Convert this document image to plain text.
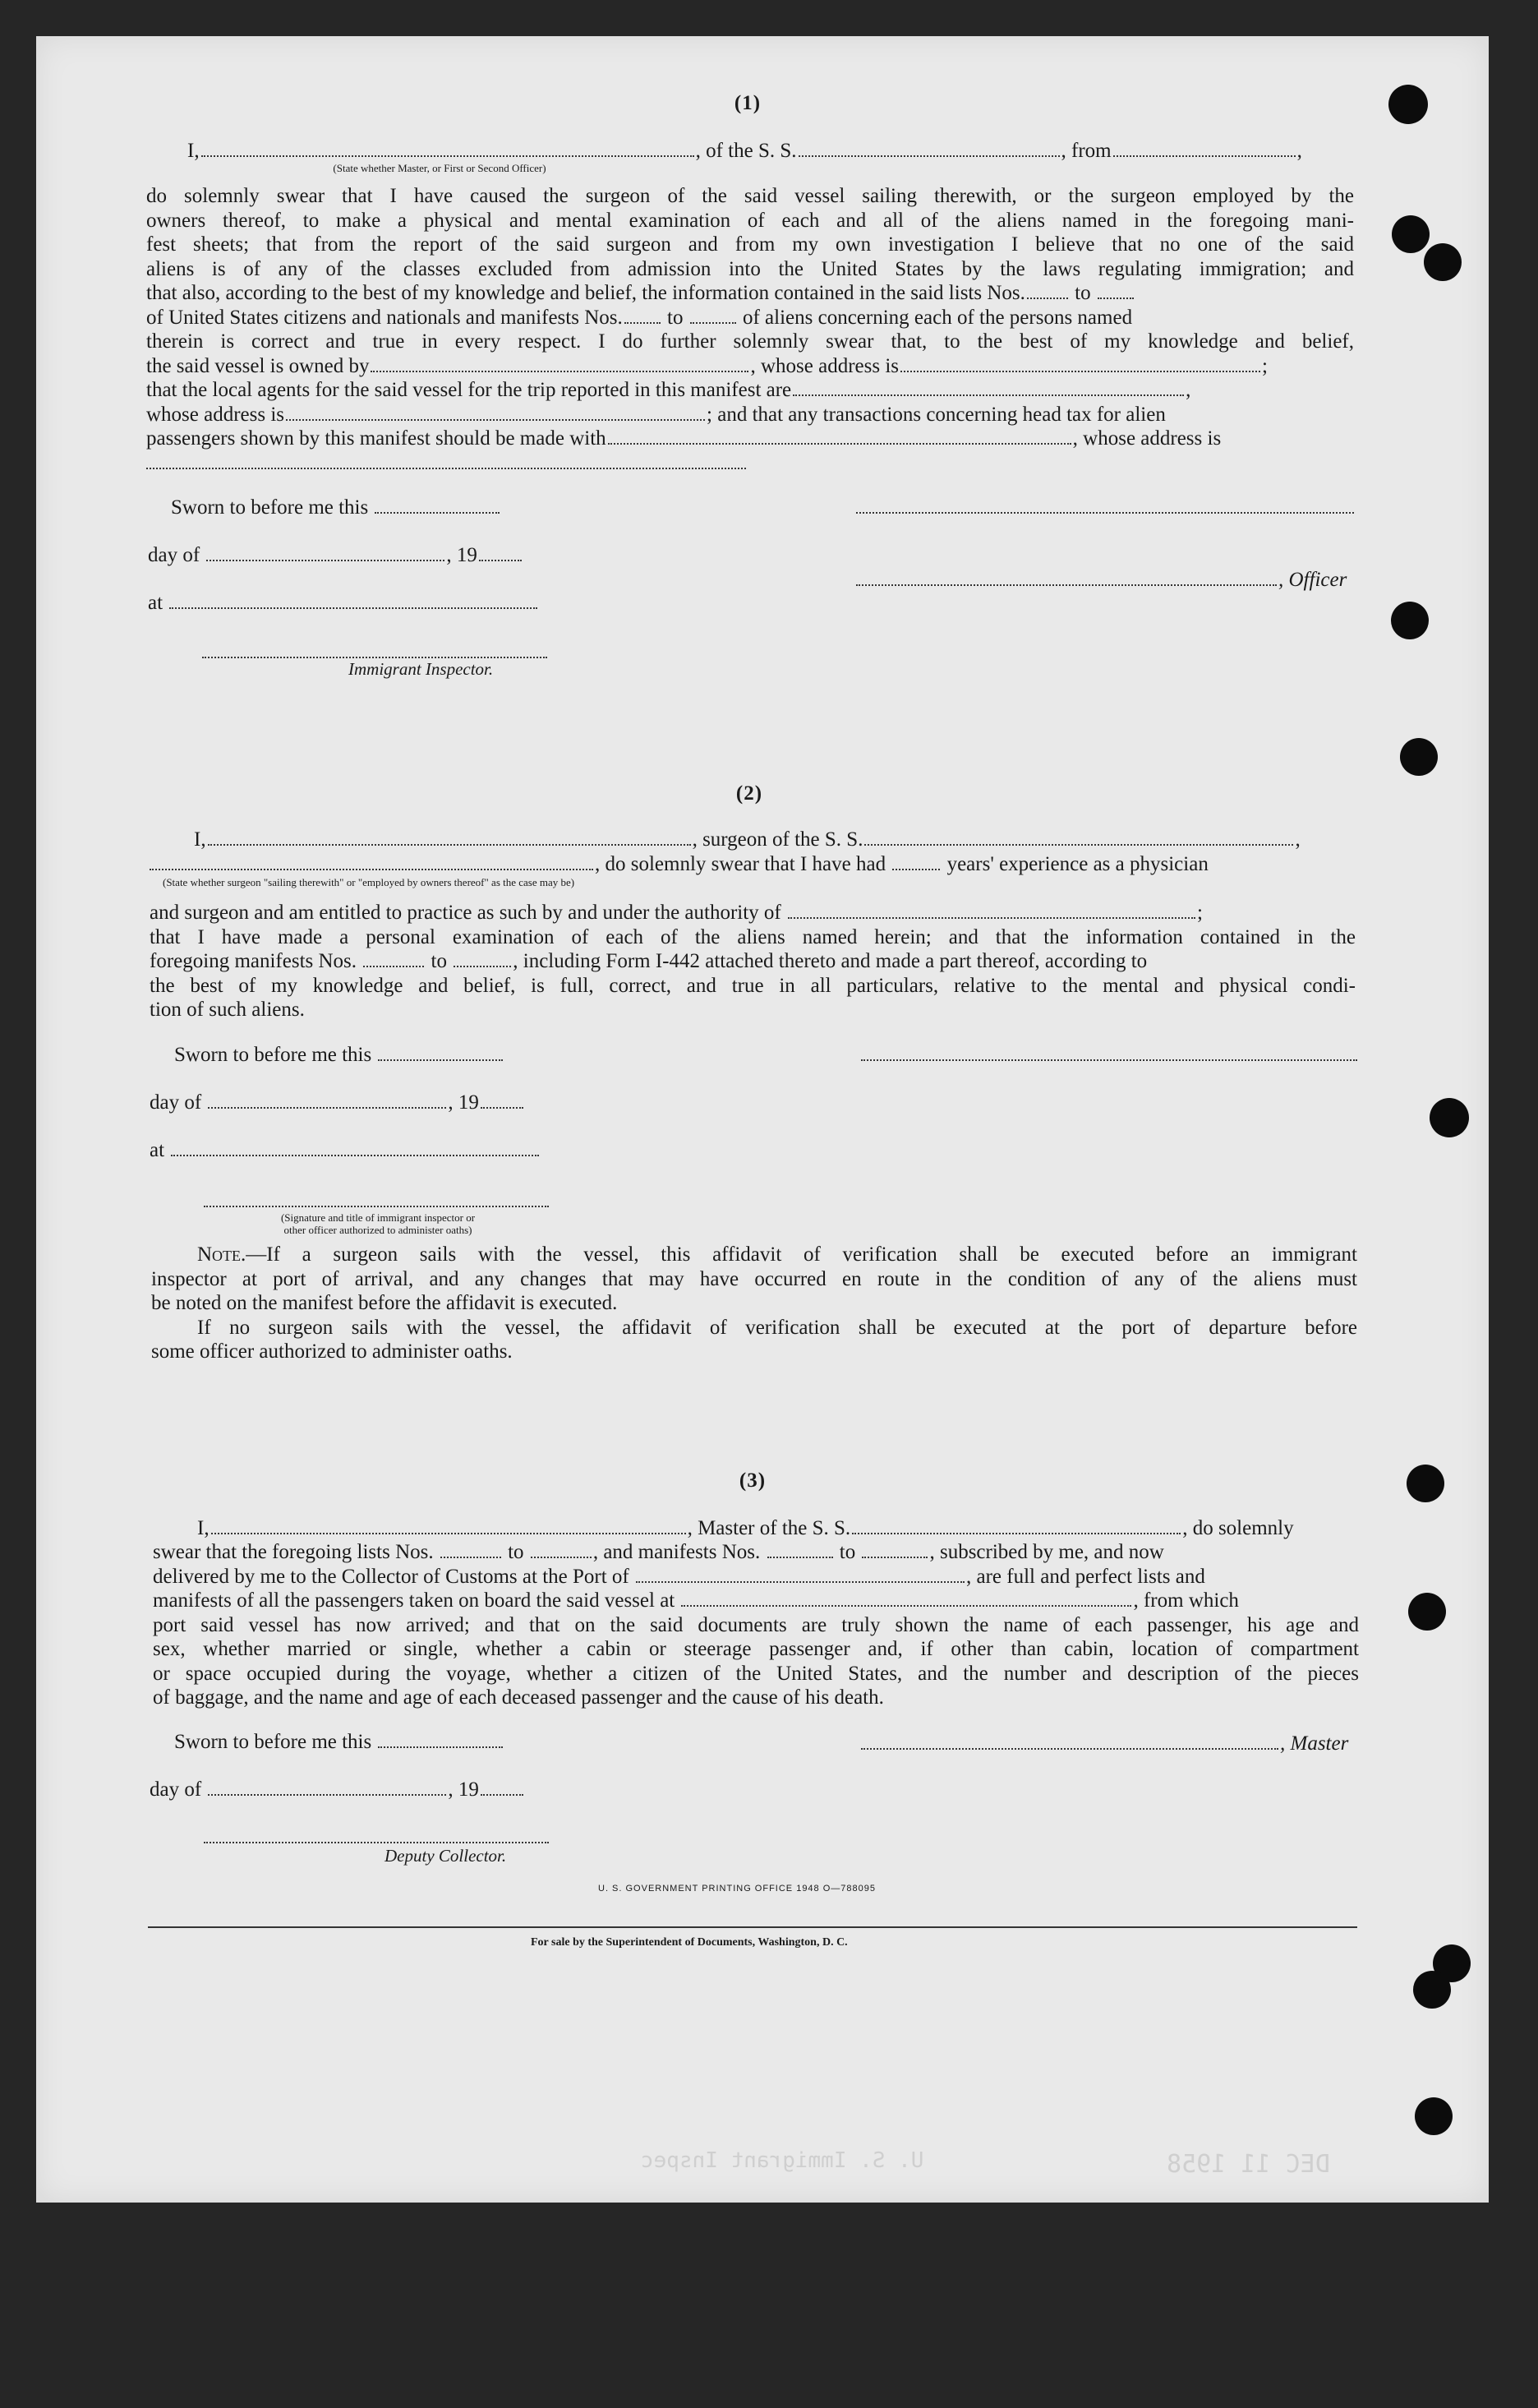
(1)
I,	, of the S. S.	, from	,
(State whether Master, or First or Second Officer)
do solemnly swear that I have caused the surgeon of the said vessel sailing therewith, or the surgeon employed by the
owners thereof, to make a physical and mental examination of each and all of the aliens named in the foregoing mani-
fest sheets; that from the report of the said surgeon and from my own investigation I believe that no one of the said
aliens is of any of the classes excluded from admission into the United States by the laws regulating immigration; and
that also, according to the best of my knowledge and belief, the information contained in the said lists Nos. to
of United States citizens and nationals and manifests Nos. to	of aliens concerning each of the persons named
therein is correct and true in every respect. I do further solemnly swear that, to the best of my knowledge and belief,
the said vessel is owned by	, whose address is	;
that the local agents for the said vessel for the trip reported in this manifest are	,
whose address is	; and that any transactions concerning head tax for alien
passengers shown by this manifest should be made with	, whose address is
Sworn to before me this
day of	, 19
at
, Officer
Immigrant Inspector.
(2)
I,	, surgeon of the S. S.	,
, do solemnly swear that I have had	years' experience as a physician
(State whether surgeon "sailing therewith" or "employed by owners thereof" as the case may be)
and surgeon and am entitled to practice as such by and under the authority of	;
that I have made a personal examination of each of the aliens named herein; and that the information contained in the
foregoing manifests Nos.	to	, including Form I-442 attached thereto and made a part thereof, according to
the best of my knowledge and belief, is full, correct, and true in all particulars, relative to the mental and physical condi-
tion of such aliens.
Sworn to before me this
day of	, 19
at
(Signature and title of immigrant inspector or
other officer authorized to administer oaths)
Note.—If a surgeon sails with the vessel, this affidavit of verification shall be executed before an immigrant
inspector at port of arrival, and any changes that may have occurred en route in the condition of any of the aliens must
be noted on the manifest before the affidavit is executed.
If no surgeon sails with the vessel, the affidavit of verification shall be executed at the port of departure before
some officer authorized to administer oaths.
(3)
I,	, Master of the S. S.	, do solemnly
swear that the foregoing lists Nos.	to	, and manifests Nos.	to	, subscribed by me, and now
delivered by me to the Collector of Customs at the Port of	, are full and perfect lists and
manifests of all the passengers taken on board the said vessel at	, from which
port said vessel has now arrived; and that on the said documents are truly shown the name of each passenger, his age and
sex, whether married or single, whether a cabin or steerage passenger and, if other than cabin, location of compartment
or space occupied during the voyage, whether a citizen of the United States, and the number and description of the pieces
of baggage, and the name and age of each deceased passenger and the cause of his death.
Sworn to before me this	, Master
day of	, 19
Deputy Collector.
U. S. GOVERNMENT PRINTING OFFICE 1948 O—788095
For sale by the Superintendent of Documents, Washington, D. C.
DEC 11 1958
U. S. Immigrant Inspec
